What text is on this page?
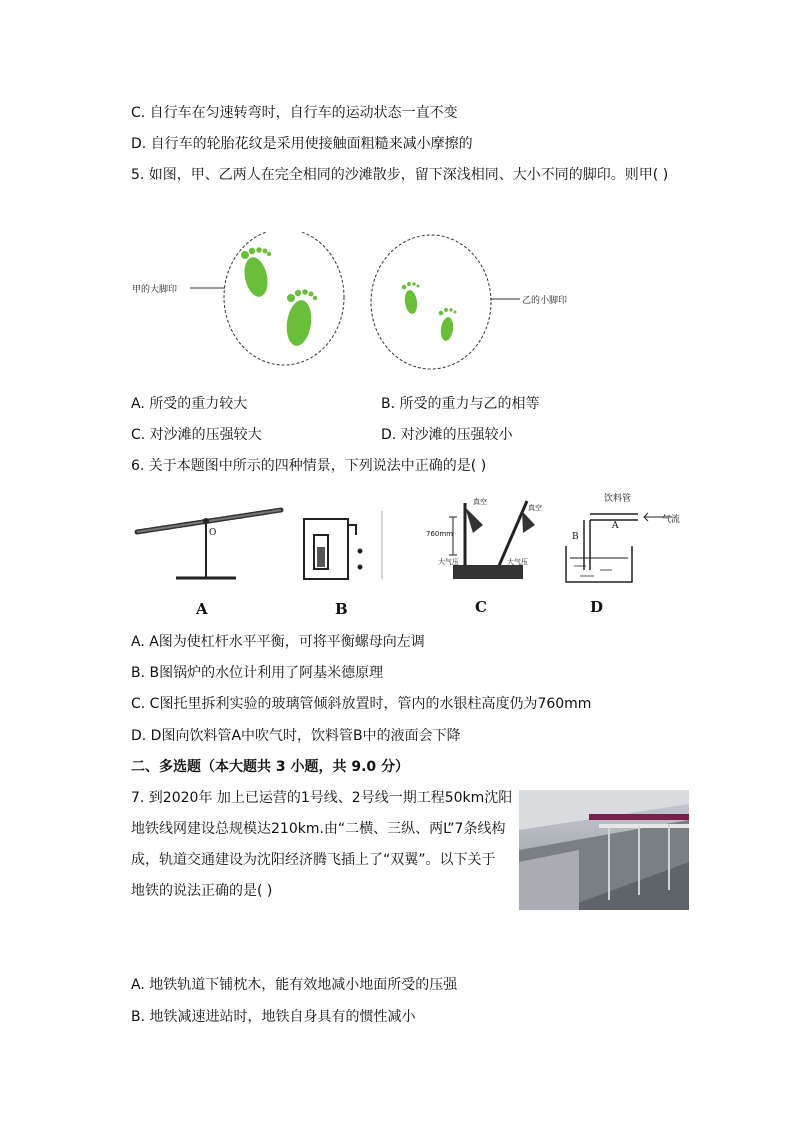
C. 自行车在匀速转弯时，自行车的运动状态一直不变
D. 自行车的轮胎花纹是采用使接触面粗糙来减小摩擦的
5. 如图，甲、乙两人在完全相同的沙滩散步，留下深浅相同、大小不同的脚印。则甲( )
甲的大脚印
乙的小脚印
A. 所受的重力较大	B. 所受的重力与乙的相等
C. 对沙滩的压强较大	D. 对沙滩的压强较小
6. 关于本题图中所示的四种情景，下列说法中正确的是( )
O
真空
真空
760mm
大气压	大气压
饮料管
A
B
气流
A	B	C	D
A. A图为使杠杆水平平衡，可将平衡螺母向左调
B. B图锅炉的水位计利用了阿基米德原理
C. C图托里拆利实验的玻璃管倾斜放置时，管内的水银柱高度仍为760mm
D. D图向饮料管A中吹气时，饮料管B中的液面会下降
二、多选题（本大题共 3 小题，共 9.0 分）
7. 到2020年 加上已运营的1号线、2号线一期工程50km沈阳
地铁线网建设总规模达210km.由“二横、三纵、两L”7条线构
成，轨道交通建设为沈阳经济腾飞插上了“双翼”。以下关于
地铁的说法正确的是( )
A. 地铁轨道下铺枕木，能有效地减小地面所受的压强
B. 地铁减速进站时，地铁自身具有的惯性减小
